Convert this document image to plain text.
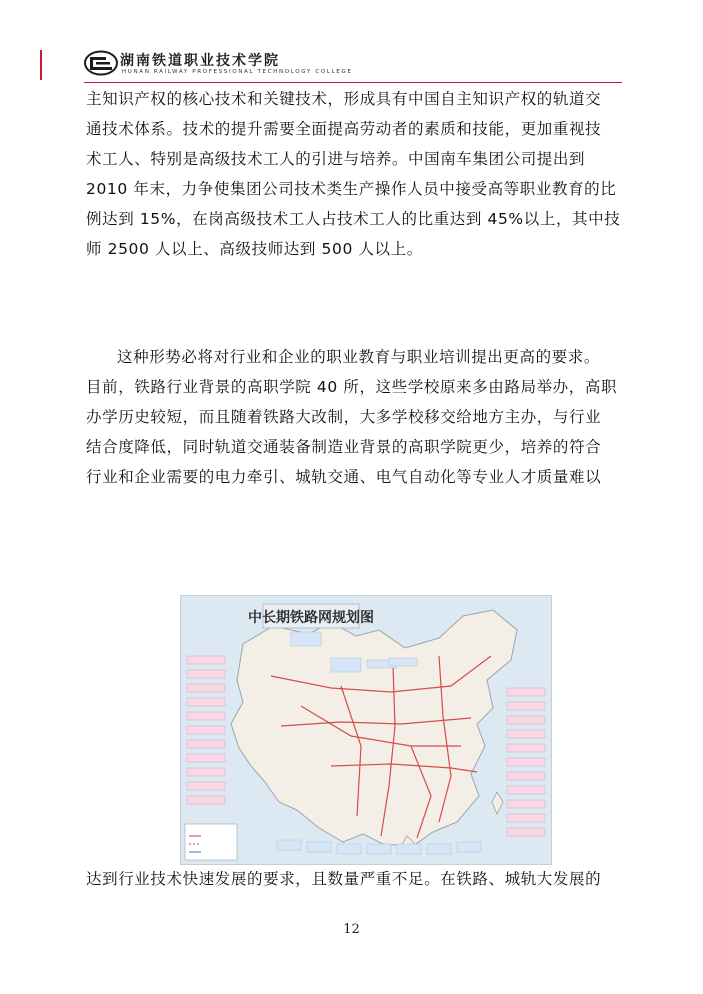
湖南铁道职业技术学院
HUNAN RAILWAY PROFESSIONAL TECHNOLOGY COLLEGE

主知识产权的核心技术和关键技术，形成具有中国自主知识产权的轨道交
通技术体系。技术的提升需要全面提高劳动者的素质和技能，更加重视技
术工人、特别是高级技术工人的引进与培养。中国南车集团公司提出到
2010 年末，力争使集团公司技术类生产操作人员中接受高等职业教育的比
例达到 15%，在岗高级技术工人占技术工人的比重达到 45%以上，其中技
师 2500 人以上、高级技师达到 500 人以上。

这种形势必将对行业和企业的职业教育与职业培训提出更高的要求。
目前，铁路行业背景的高职学院 40 所，这些学校原来多由路局举办，高职
办学历史较短，而且随着铁路大改制，大多学校移交给地方主办，与行业
结合度降低，同时轨道交通装备制造业背景的高职学院更少，培养的符合
行业和企业需要的电力牵引、城轨交通、电气自动化等专业人才质量难以

中长期铁路网规划图

达到行业技术快速发展的要求，且数量严重不足。在铁路、城轨大发展的

12
